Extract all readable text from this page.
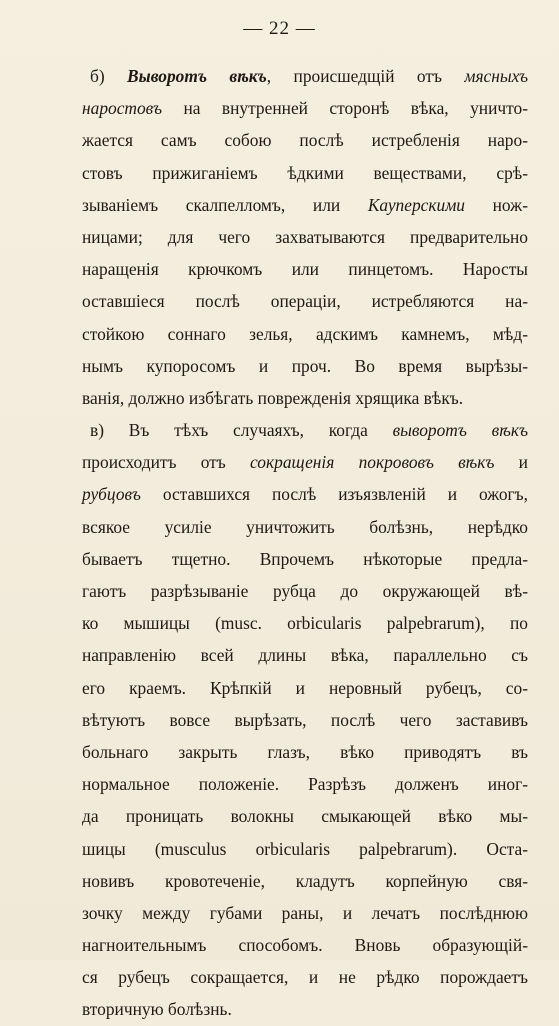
— 22 —
б) Выворотъ вѣкъ, происшедщій отъ мясныхъ
наростовъ на внутренней сторонѣ вѣка, уничто-
жается самъ собою послѣ истребленія наро-
стовъ прижиганіемъ ѣдкими веществами, срѣ-
зываніемъ скалпелломъ, или Кауперскими нож-
ницами; для чего захватываются предварительно
наращенія крючкомъ или пинцетомъ. Наросты
оставшіеся послѣ операціи, истребляются на-
стойкою соннаго зелья, адскимъ камнемъ, мѣд-
нымъ купоросомъ и проч. Во время вырѣзы-
ванія, должно избѣгать поврежденія хрящика вѣкъ.
в) Въ тѣхъ случаяхъ, когда выворотъ вѣкъ
происходитъ отъ сокращенія покрововъ вѣкъ и
рубцовъ оставшихся послѣ изъязвленій и ожогъ,
всякое усиліе уничтожить болѣзнь, нерѣдко
бываетъ тщетно. Впрочемъ нѣкоторые предла-
гаютъ разрѣзываніе рубца до окружающей вѣ-
ко мышицы (musc. orbicularis palpebrarum), по
направленію всей длины вѣка, параллельно съ
его краемъ. Крѣпкій и неровный рубецъ, со-
вѣтуютъ вовсе вырѣзать, послѣ чего заставивъ
больнаго закрыть глазъ, вѣко приводятъ въ
нормальное положеніе. Разрѣзъ долженъ иног-
да проницать волокны смыкающей вѣко мы-
шицы (musculus orbicularis palpebrarum). Оста-
новивъ кровотеченіе, кладутъ корпейную свя-
зочку между губами раны, и лечатъ послѣднюю
нагноительнымъ способомъ. Вновь образующій-
ся рубецъ сокращается, и не рѣдко порождаетъ
вторичную болѣзнь.
